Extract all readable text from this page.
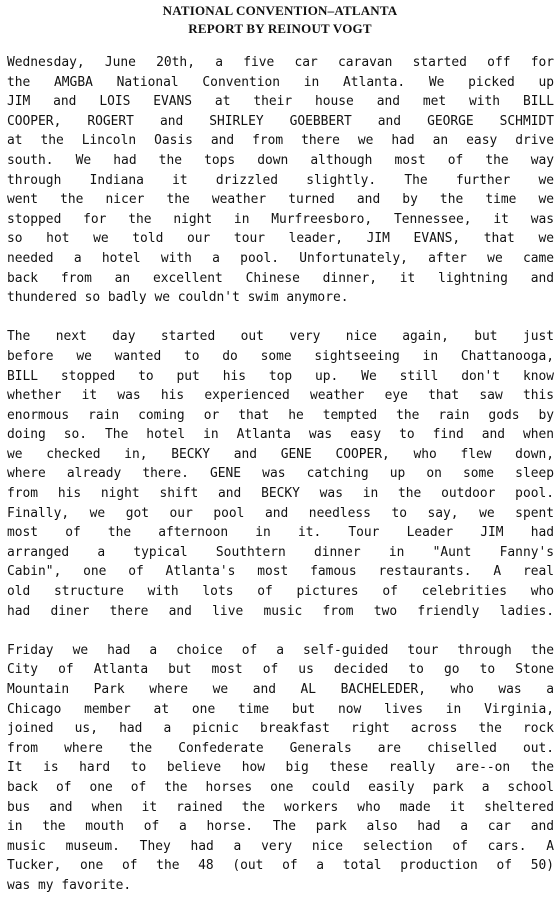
NATIONAL CONVENTION–ATLANTA
REPORT BY REINOUT VOGT
Wednesday, June 20th, a five car caravan started off for
the AMGBA National Convention in Atlanta. We picked up
JIM and LOIS EVANS at their house and met with BILL
COOPER, ROGERT and SHIRLEY GOEBBERT and GEORGE SCHMIDT
at the Lincoln Oasis and from there we had an easy drive
south. We had the tops down although most of the way
through Indiana it drizzled slightly. The further we
went the nicer the weather turned and by the time we
stopped for the night in Murfreesboro, Tennessee, it was
so hot we told our tour leader, JIM EVANS, that we
needed a hotel with a pool. Unfortunately, after we came
back from an excellent Chinese dinner, it lightning and
thundered so badly we couldn't swim anymore.
The next day started out very nice again, but just
before we wanted to do some sightseeing in Chattanooga,
BILL stopped to put his top up. We still don't know
whether it was his experienced weather eye that saw this
enormous rain coming or that he tempted the rain gods by
doing so. The hotel in Atlanta was easy to find and when
we checked in, BECKY and GENE COOPER, who flew down,
where already there. GENE was catching up on some sleep
from his night shift and BECKY was in the outdoor pool.
Finally, we got our pool and needless to say, we spent
most of the afternoon in it. Tour Leader JIM had
arranged a typical Southtern dinner in "Aunt Fanny's
Cabin", one of Atlanta's most famous restaurants. A real
old structure with lots of pictures of celebrities who
had diner there and live music from two friendly ladies.
Friday we had a choice of a self-guided tour through the
City of Atlanta but most of us decided to go to Stone
Mountain Park where we and AL BACHELEDER, who was a
Chicago member at one time but now lives in Virginia,
joined us, had a picnic breakfast right across the rock
from where the Confederate Generals are chiselled out.
It is hard to believe how big these really are--on the
back of one of the horses one could easily park a school
bus and when it rained the workers who made it sheltered
in the mouth of a horse. The park also had a car and
music museum. They had a very nice selection of cars. A
Tucker, one of the 48 (out of a total production of 50)
was my favorite.
